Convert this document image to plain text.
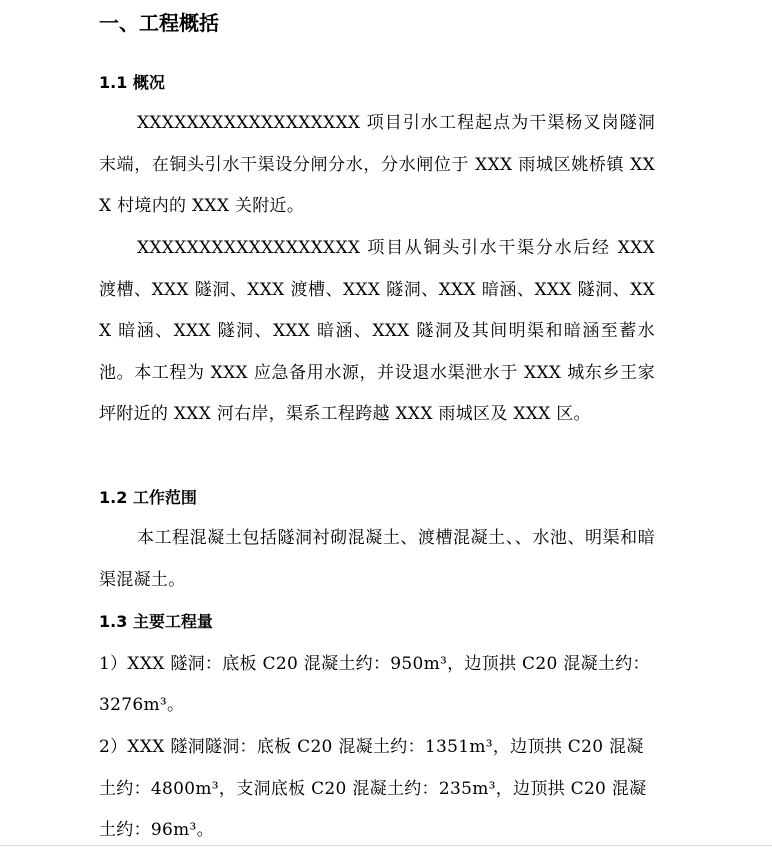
一、工程概括
1.1 概况
XXXXXXXXXXXXXXXXXX 项目引水工程起点为干渠杨叉岗隧洞末端，在铜头引水干渠设分闸分水，分水闸位于 XXX 雨城区姚桥镇 XXX 村境内的 XXX 关附近。
XXXXXXXXXXXXXXXXXX 项目从铜头引水干渠分水后经 XXX 渡槽、XXX 隧洞、XXX 渡槽、XXX 隧洞、XXX 暗涵、XXX 隧洞、XXX 暗涵、XXX 隧洞、XXX 暗涵、XXX 隧洞及其间明渠和暗涵至蓄水池。本工程为 XXX 应急备用水源，并设退水渠泄水于 XXX 城东乡王家坪附近的 XXX 河右岸，渠系工程跨越 XXX 雨城区及 XXX 区。
1.2 工作范围
本工程混凝土包括隧洞衬砌混凝土、渡槽混凝土、、水池、明渠和暗渠混凝土。
1.3 主要工程量
1）XXX 隧洞：底板 C20 混凝土约：950m³，边顶拱 C20 混凝土约：
3276m³。
2）XXX 隧洞隧洞：底板 C20 混凝土约：1351m³，边顶拱 C20 混凝
土约：4800m³，支洞底板 C20 混凝土约：235m³，边顶拱 C20 混凝
土约：96m³。
